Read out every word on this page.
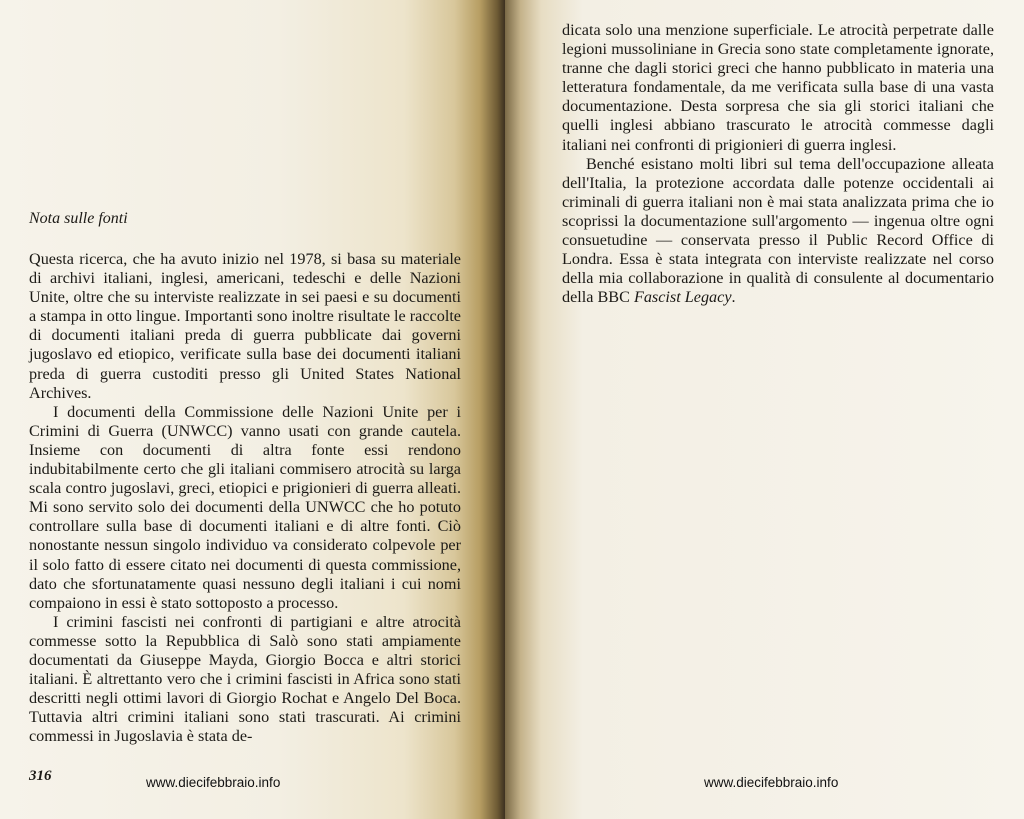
Nota sulle fonti

Questa ricerca, che ha avuto inizio nel 1978, si basa su materiale di archivi italiani, inglesi, americani, tedeschi e delle Nazioni Unite, oltre che su interviste realizzate in sei paesi e su documenti a stampa in otto lingue. Importanti sono inoltre risultate le raccolte di documenti italiani preda di guerra pubblicate dai governi jugoslavo ed etiopico, verificate sulla base dei documenti italiani preda di guerra custoditi presso gli United States National Archives.

I documenti della Commissione delle Nazioni Unite per i Crimini di Guerra (UNWCC) vanno usati con grande cautela. Insieme con documenti di altra fonte essi rendono indubitabilmente certo che gli italiani commisero atrocità su larga scala contro jugoslavi, greci, etiopici e prigionieri di guerra alleati. Mi sono servito solo dei documenti della UNWCC che ho potuto controllare sulla base di documenti italiani e di altre fonti. Ciò nonostante nessun singolo individuo va considerato colpevole per il solo fatto di essere citato nei documenti di questa commissione, dato che sfortunatamente quasi nessuno degli italiani i cui nomi compaiono in essi è stato sottoposto a processo.

I crimini fascisti nei confronti di partigiani e altre atrocità commesse sotto la Repubblica di Salò sono stati ampiamente documentati da Giuseppe Mayda, Giorgio Bocca e altri storici italiani. È altrettanto vero che i crimini fascisti in Africa sono stati descritti negli ottimi lavori di Giorgio Rochat e Angelo Del Boca. Tuttavia altri crimini italiani sono stati trascurati. Ai crimini commessi in Jugoslavia è stata de-

316	www.diecifebbraio.info

dicata solo una menzione superficiale. Le atrocità perpetrate dalle legioni mussoliniane in Grecia sono state completamente ignorate, tranne che dagli storici greci che hanno pubblicato in materia una letteratura fondamentale, da me verificata sulla base di una vasta documentazione. Desta sorpresa che sia gli storici italiani che quelli inglesi abbiano trascurato le atrocità commesse dagli italiani nei confronti di prigionieri di guerra inglesi.

Benché esistano molti libri sul tema dell'occupazione alleata dell'Italia, la protezione accordata dalle potenze occidentali ai criminali di guerra italiani non è mai stata analizzata prima che io scoprissi la documentazione sull'argomento — ingenua oltre ogni consuetudine — conservata presso il Public Record Office di Londra. Essa è stata integrata con interviste realizzate nel corso della mia collaborazione in qualità di consulente al documentario della BBC Fascist Legacy.

www.diecifebbraio.info
